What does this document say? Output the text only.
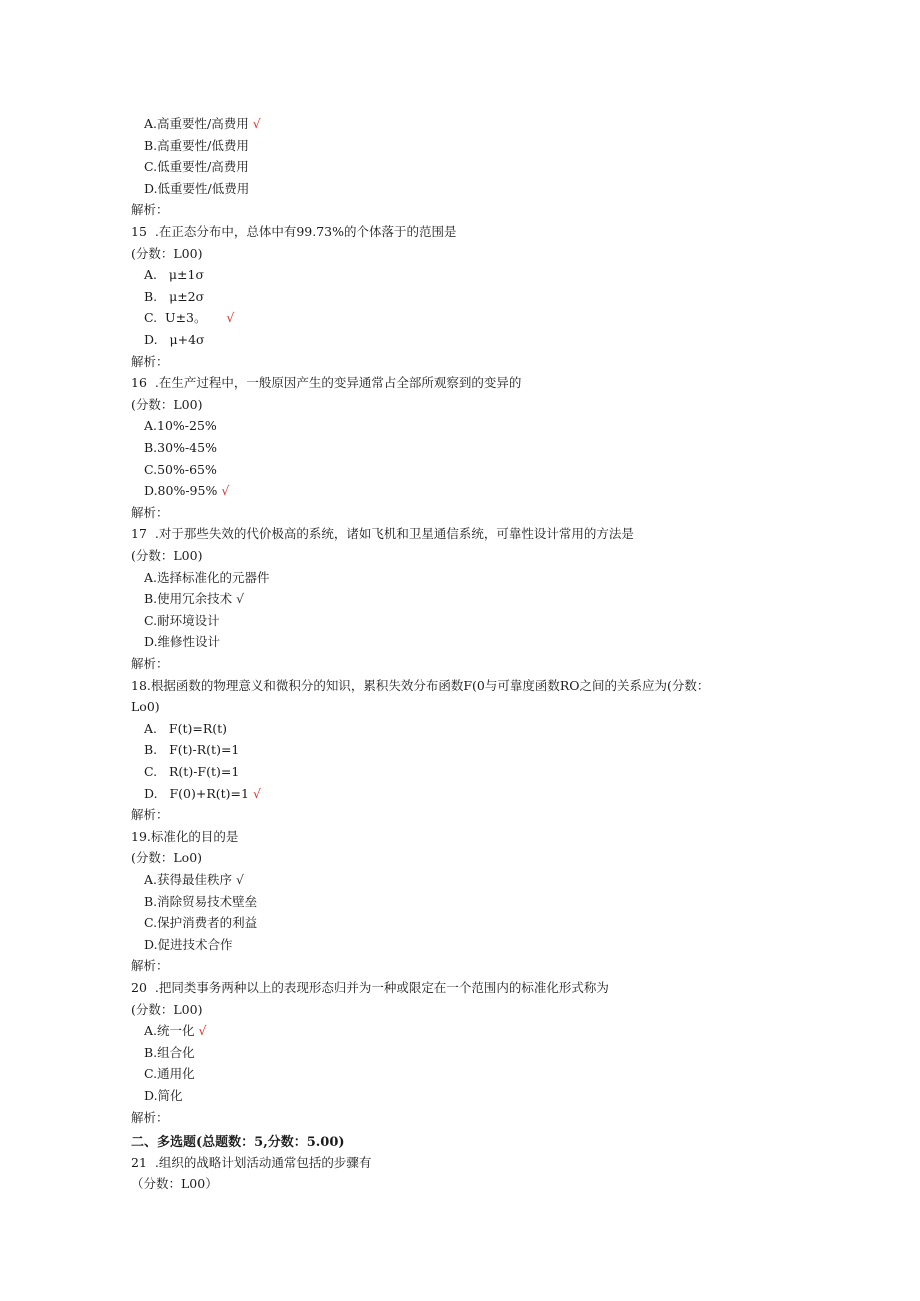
A.高重要性/高费用 √
B.高重要性/低费用
C.低重要性/高费用
D.低重要性/低费用
解析：
15  .在正态分布中，总体中有99.73%的个体落于的范围是
(分数：L00)
A.   μ±1σ
B.   μ±2σ
C.  U±3。    √
D.   μ+4σ
解析：
16  .在生产过程中，一般原因产生的变异通常占全部所观察到的变异的
(分数：L00)
A.10%-25%
B.30%-45%
C.50%-65%
D.80%-95% √
解析：
17  .对于那些失效的代价极高的系统，诸如飞机和卫星通信系统，可靠性设计常用的方法是
(分数：L00)
A.选择标准化的元器件
B.使用冗余技术 √
C.耐环境设计
D.维修性设计
解析：
18.根据函数的物理意义和微积分的知识，累积失效分布函数F(0与可靠度函数RO之间的关系应为(分数：
Lo0)
A.   F(t)=R(t)
B.   F(t)-R(t)=1
C.   R(t)-F(t)=1
D.   F(0)+R(t)=1 √
解析：
19.标准化的目的是
(分数：Lo0)
A.获得最佳秩序 √
B.消除贸易技术壁垒
C.保护消费者的利益
D.促进技术合作
解析：
20  .把同类事务两种以上的表现形态归并为一种或限定在一个范围内的标准化形式称为
(分数：L00)
A.统一化 √
B.组合化
C.通用化
D.简化
解析：
二、多选题(总题数：5,分数：5.00)
21  .组织的战略计划活动通常包括的步骤有
（分数：L00）
